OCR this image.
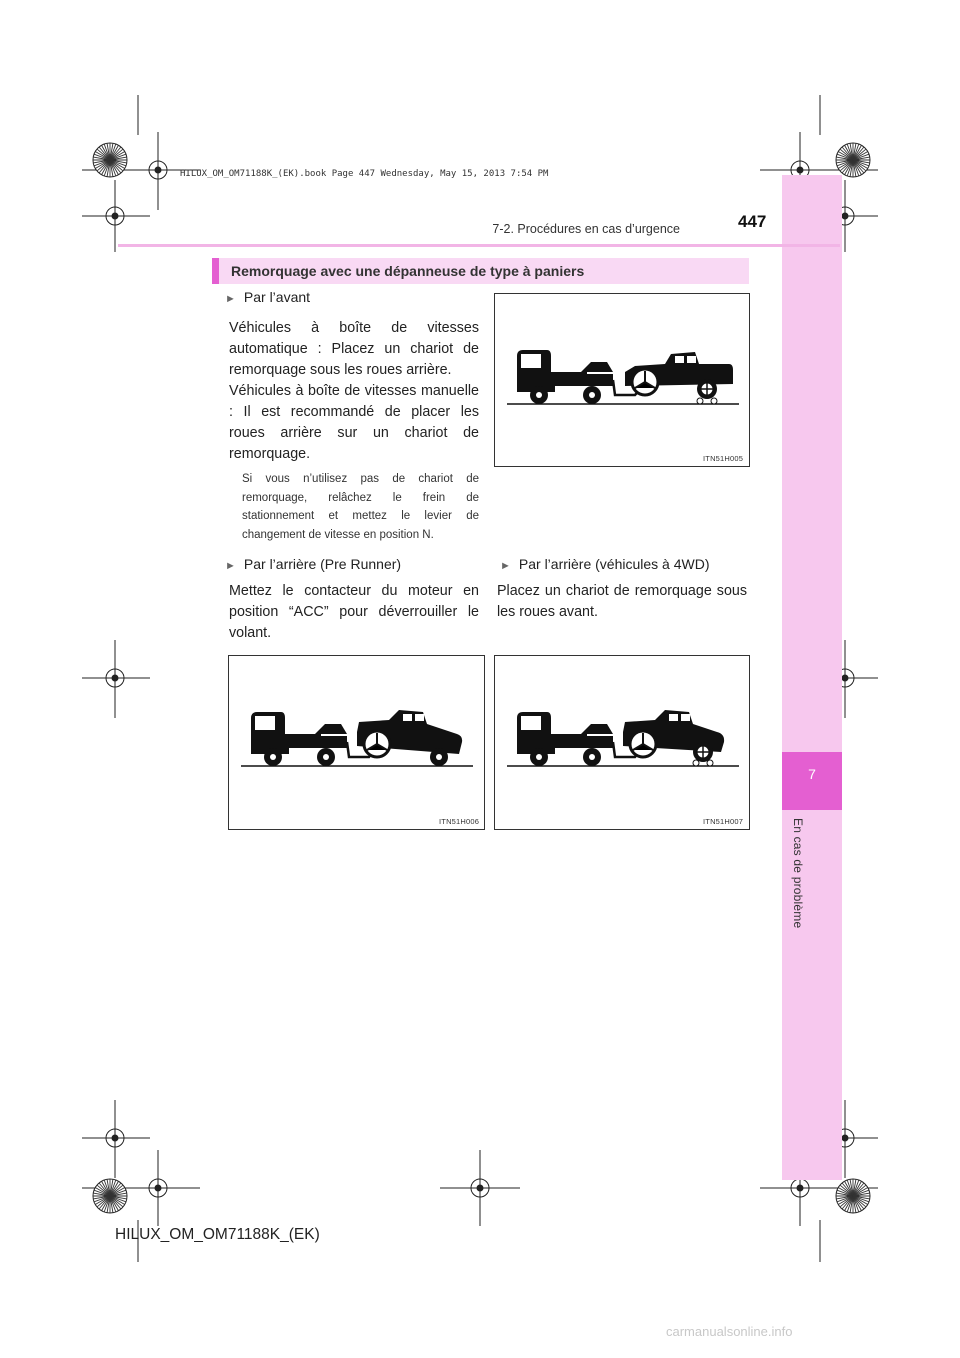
7
En cas de problème
HILUX_OM_OM71188K_(EK).book Page 447 Wednesday, May 15, 2013 7:54 PM
7-2. Procédures en cas d’urgence	447
Remorquage avec une dépanneuse de type à paniers
► Par l’avant
Véhicules à boîte de vitesses automatique : Placez un chariot de remorquage sous les roues arrière.
Véhicules à boîte de vitesses manuelle : Il est recommandé de placer les roues arrière sur un chariot de remorquage.
Si vous n’utilisez pas de chariot de remorquage, relâchez le frein de stationnement et mettez le levier de changement de vitesse en position N.
ITN51H005
► Par l’arrière (Pre Runner)
Mettez le contacteur du moteur en position “ACC” pour déverrouiller le volant.
► Par l’arrière (véhicules à 4WD)
Placez un chariot de remorquage sous les roues avant.
ITN51H006	ITN51H007
HILUX_OM_OM71188K_(EK)
carmanualsonline.info
